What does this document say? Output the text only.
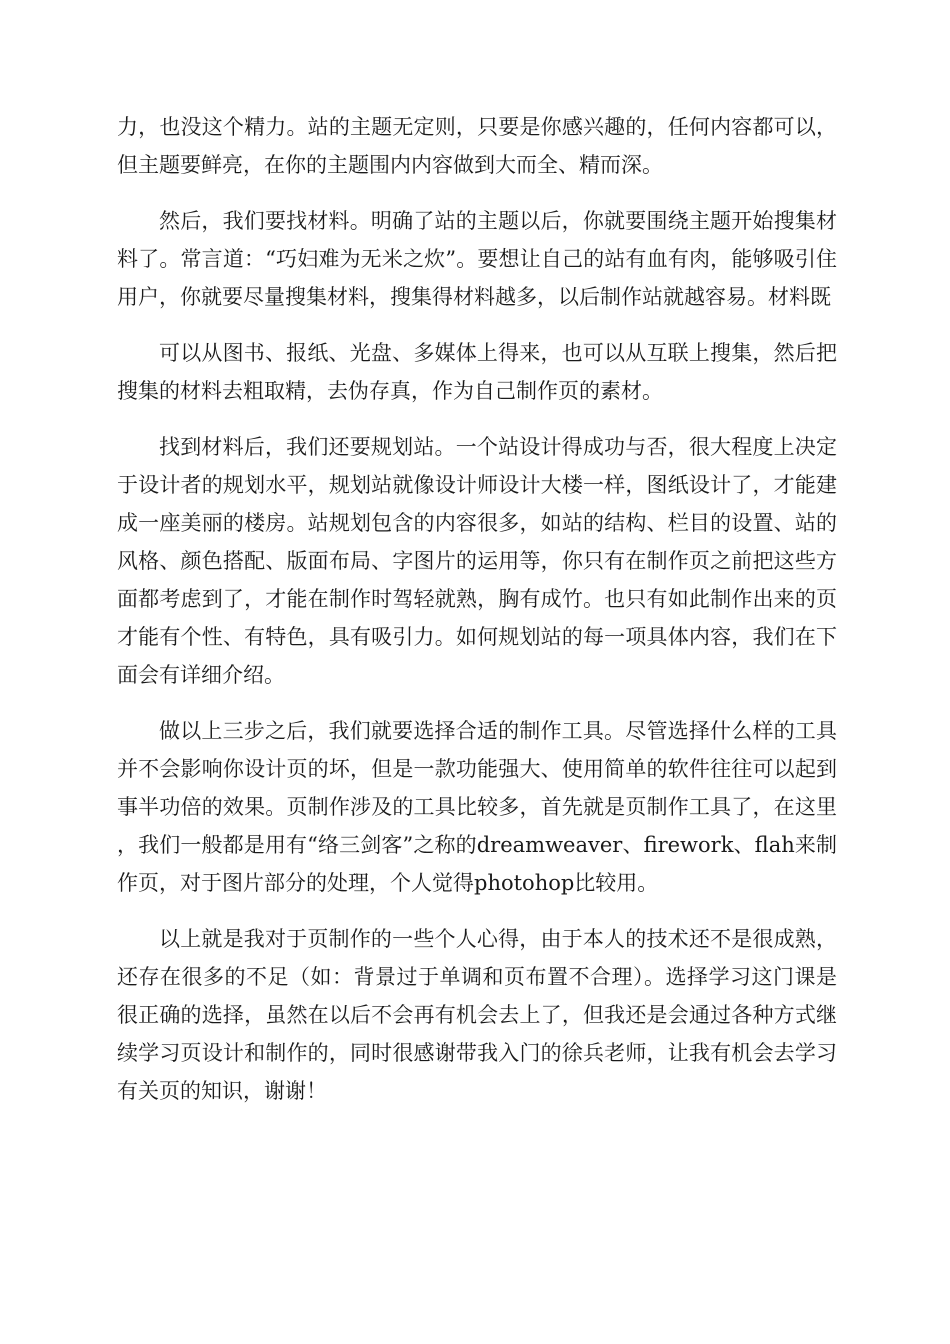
力，也没这个精力。站的主题无定则，只要是你感兴趣的，任何内容都可以，但主题要鲜亮，在你的主题围内内容做到大而全、精而深。

然后，我们要找材料。明确了站的主题以后，你就要围绕主题开始搜集材料了。常言道：“巧妇难为无米之炊”。要想让自己的站有血有肉，能够吸引住用户，你就要尽量搜集材料，搜集得材料越多，以后制作站就越容易。材料既

可以从图书、报纸、光盘、多媒体上得来，也可以从互联上搜集，然后把搜集的材料去粗取精，去伪存真，作为自己制作页的素材。

找到材料后，我们还要规划站。一个站设计得成功与否，很大程度上决定于设计者的规划水平，规划站就像设计师设计大楼一样，图纸设计了，才能建成一座美丽的楼房。站规划包含的内容很多，如站的结构、栏目的设置、站的风格、颜色搭配、版面布局、字图片的运用等，你只有在制作页之前把这些方面都考虑到了，才能在制作时驾轻就熟，胸有成竹。也只有如此制作出来的页才能有个性、有特色，具有吸引力。如何规划站的每一项具体内容，我们在下面会有详细介绍。

做以上三步之后，我们就要选择合适的制作工具。尽管选择什么样的工具并不会影响你设计页的坏，但是一款功能强大、使用简单的软件往往可以起到事半功倍的效果。页制作涉及的工具比较多，首先就是页制作工具了，在这里，我们一般都是用有“络三剑客”之称的dreamweaver、firework、flah来制作页，对于图片部分的处理，个人觉得photohop比较用。

以上就是我对于页制作的一些个人心得，由于本人的技术还不是很成熟，还存在很多的不足（如：背景过于单调和页布置不合理）。选择学习这门课是很正确的选择，虽然在以后不会再有机会去上了，但我还是会通过各种方式继续学习页设计和制作的，同时很感谢带我入门的徐兵老师，让我有机会去学习有关页的知识，谢谢！
